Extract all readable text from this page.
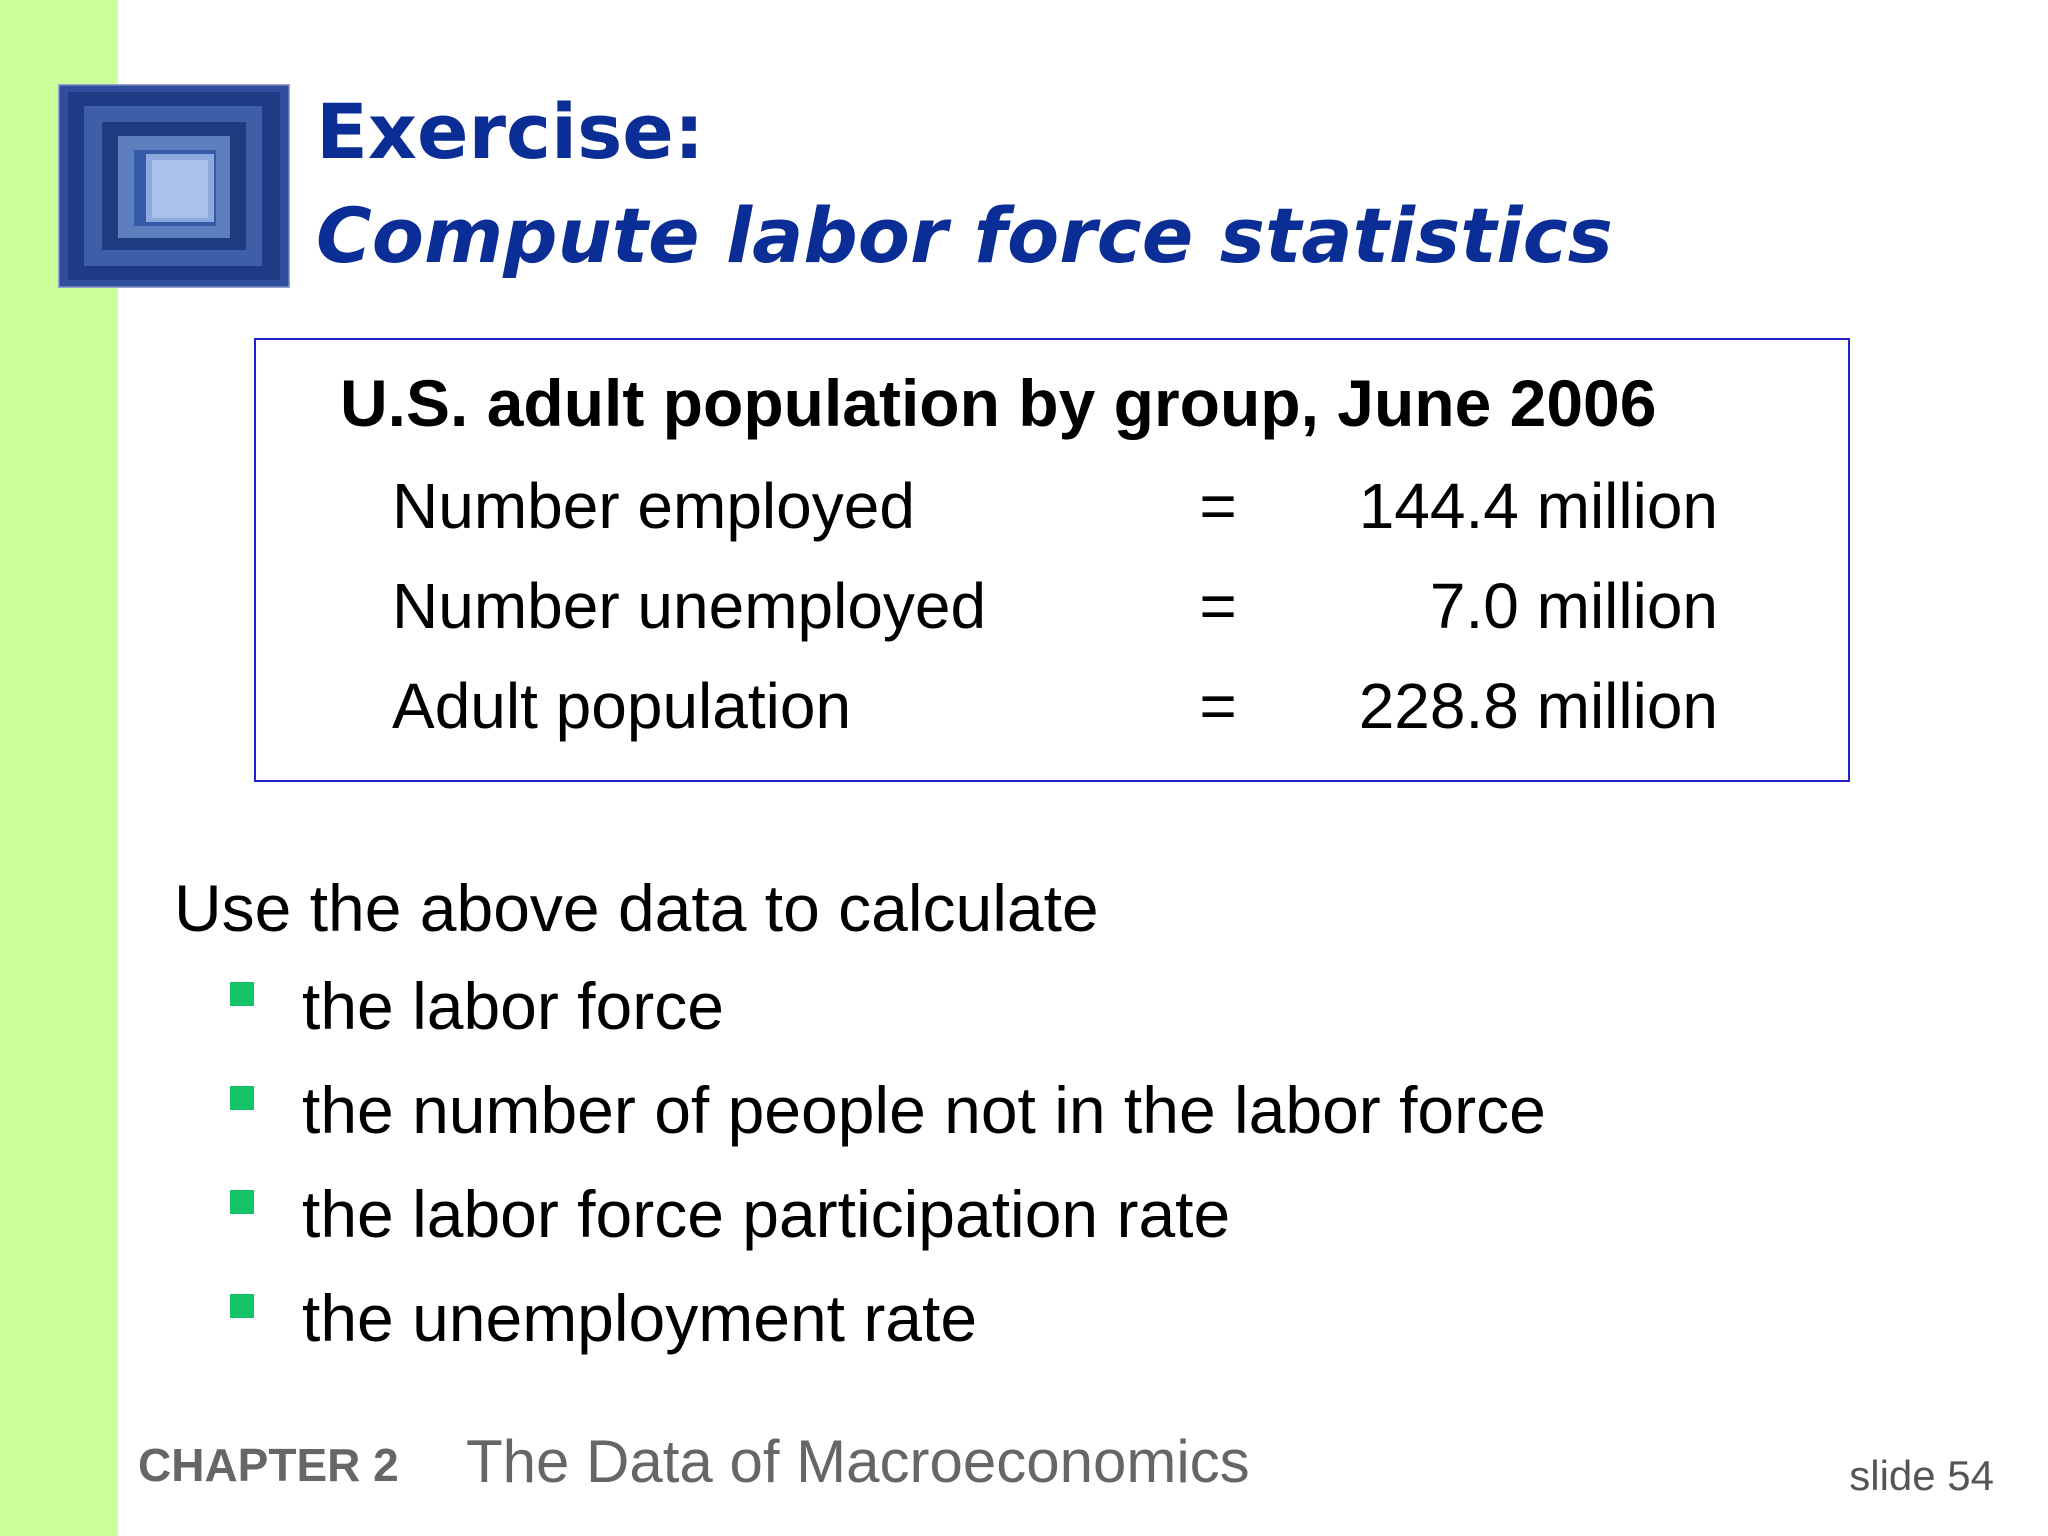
Exercise:
Compute labor force statistics
U.S. adult population by group, June 2006
Number employed	= 144.4 million
Number unemployed	=	7.0 million
Adult population	= 228.8 million

Use the above data to calculate

the labor force
the number of people not in the labor force
the labor force participation rate
the unemployment rate
CHAPTER 2 The Data of Macroeconomics	slide 54
